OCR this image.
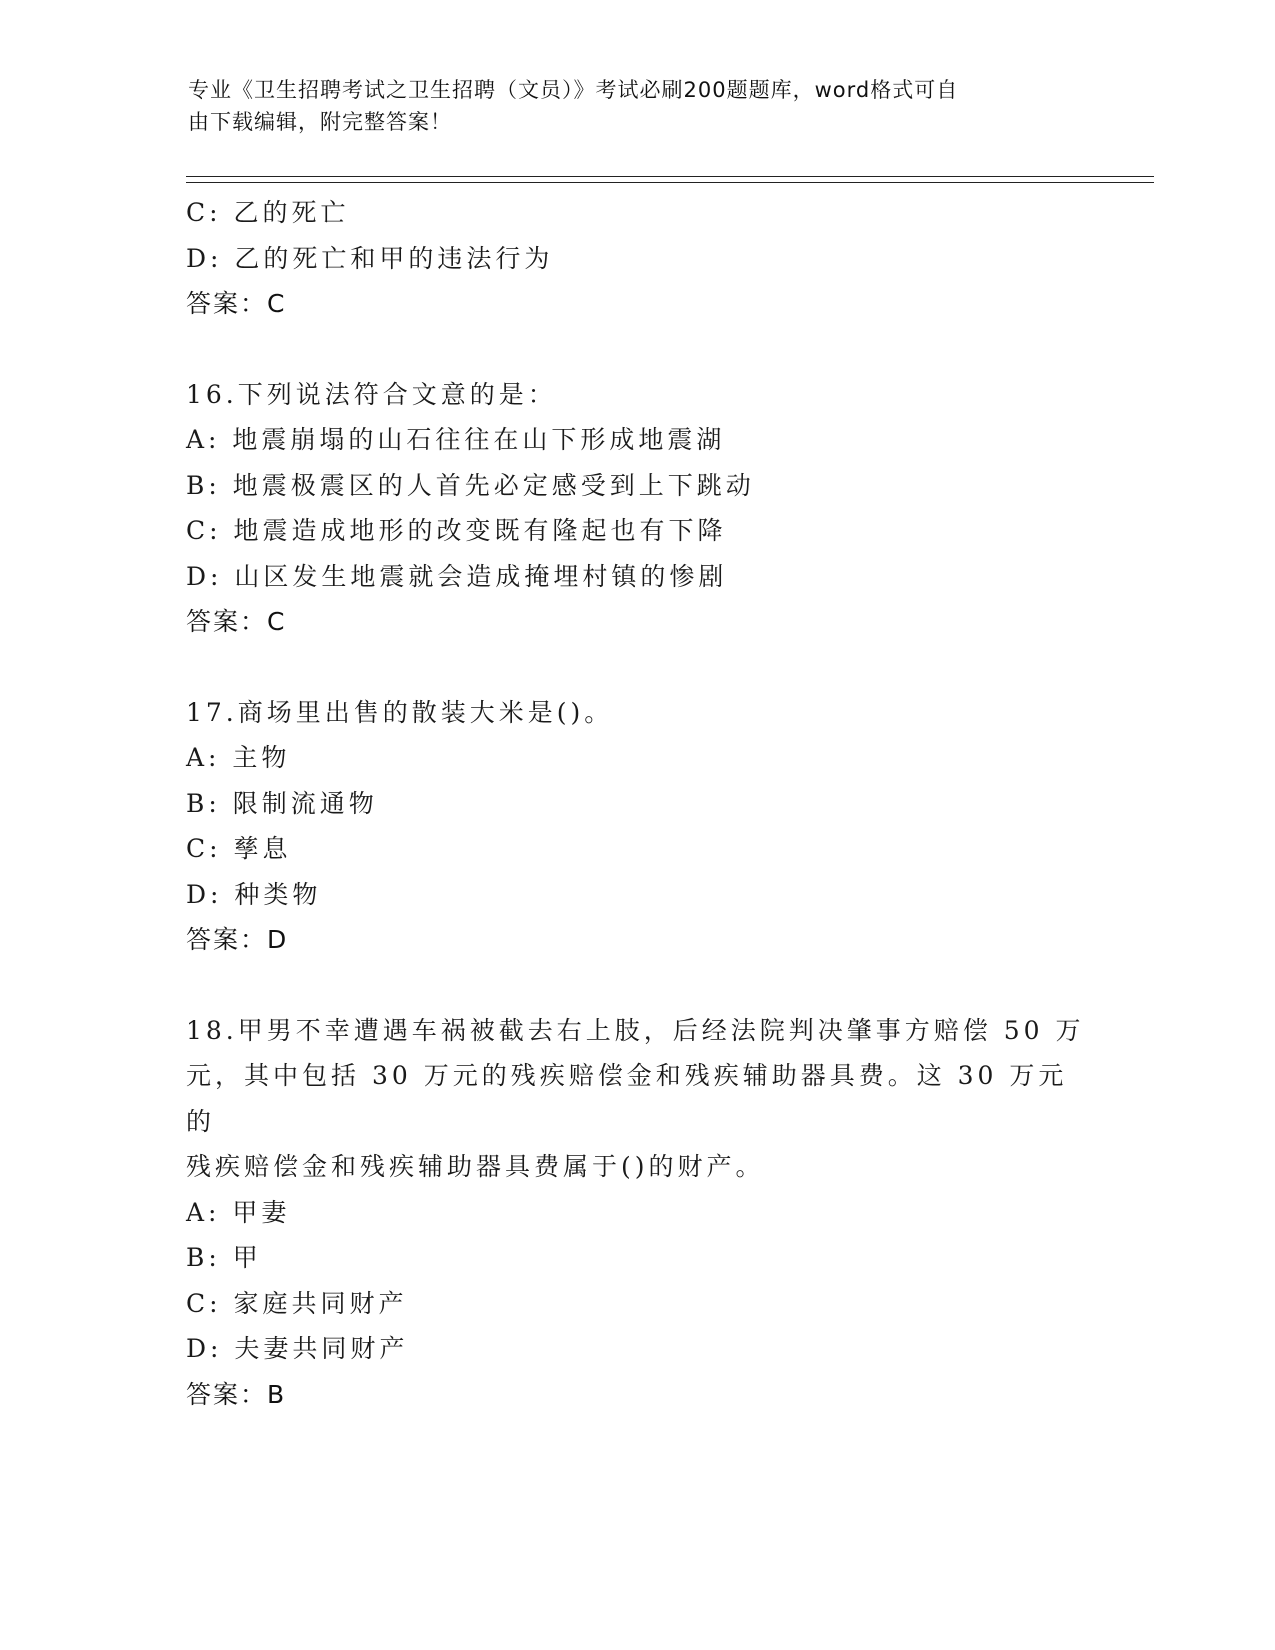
专业《卫生招聘考试之卫生招聘（文员）》考试必刷200题题库，word格式可自
由下载编辑，附完整答案！
C: 乙的死亡
D: 乙的死亡和甲的违法行为
答案：C
16.下列说法符合文意的是：
A: 地震崩塌的山石往往在山下形成地震湖
B: 地震极震区的人首先必定感受到上下跳动
C: 地震造成地形的改变既有隆起也有下降
D: 山区发生地震就会造成掩埋村镇的惨剧
答案：C
17.商场里出售的散装大米是()。
A: 主物
B: 限制流通物
C: 孳息
D: 种类物
答案：D
18.甲男不幸遭遇车祸被截去右上肢，后经法院判决肇事方赔偿 50 万
元，其中包括 30 万元的残疾赔偿金和残疾辅助器具费。这 30 万元的
残疾赔偿金和残疾辅助器具费属于()的财产。
A: 甲妻
B: 甲
C: 家庭共同财产
D: 夫妻共同财产
答案：B
